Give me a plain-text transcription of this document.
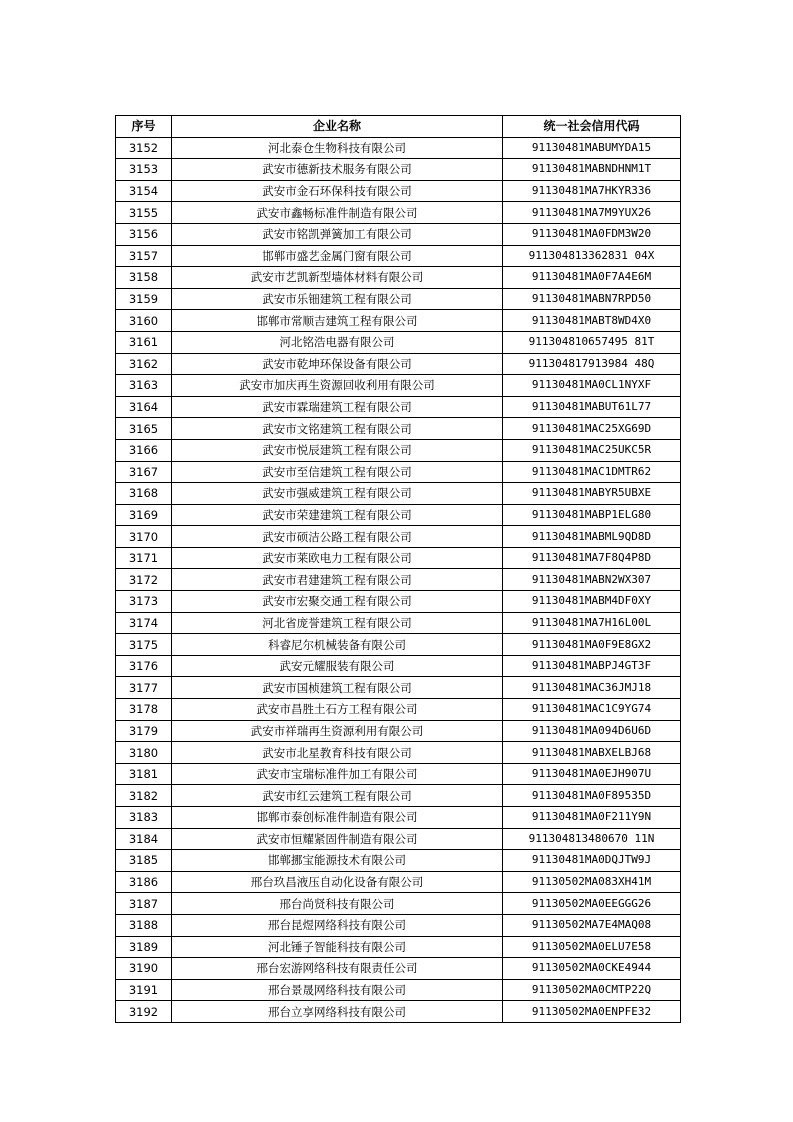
序号	企业名称	统一社会信用代码
3152	河北泰仓生物科技有限公司	91130481MABUMYDA15
3153	武安市德新技术服务有限公司	91130481MABNDHNM1T
3154	武安市金石环保科技有限公司	91130481MA7HKYR336
3155	武安市鑫畅标准件制造有限公司	91130481MA7M9YUX26
3156	武安市铭凯弹簧加工有限公司	91130481MA0FDM3W20
3157	邯郸市盛艺金属门窗有限公司	911304813362831 04X
3158	武安市艺凯新型墙体材料有限公司	91130481MA0F7A4E6M
3159	武安市乐钿建筑工程有限公司	91130481MABN7RPD50
3160	邯郸市常顺吉建筑工程有限公司	91130481MABT8WD4X0
3161	河北铭浩电器有限公司	911304810657495 81T
3162	武安市乾坤环保设备有限公司	911304817913984 48Q
3163	武安市加庆再生资源回收利用有限公司	91130481MA0CL1NYXF
3164	武安市霖瑞建筑工程有限公司	91130481MABUT61L77
3165	武安市文铭建筑工程有限公司	91130481MAC25XG69D
3166	武安市悦辰建筑工程有限公司	91130481MAC25UKC5R
3167	武安市至信建筑工程有限公司	91130481MAC1DMTR62
3168	武安市强威建筑工程有限公司	91130481MABYR5UBXE
3169	武安市荣建建筑工程有限公司	91130481MABP1ELG80
3170	武安市硕洁公路工程有限公司	91130481MABML9QD8D
3171	武安市莱欧电力工程有限公司	91130481MA7F8Q4P8D
3172	武安市君建建筑工程有限公司	91130481MABN2WX307
3173	武安市宏聚交通工程有限公司	91130481MABM4DF0XY
3174	河北省庞誉建筑工程有限公司	91130481MA7H16L00L
3175	科睿尼尔机械装备有限公司	91130481MA0F9E8GX2
3176	武安元耀服装有限公司	91130481MABPJ4GT3F
3177	武安市国桢建筑工程有限公司	91130481MAC36JMJ18
3178	武安市昌胜土石方工程有限公司	91130481MAC1C9YG74
3179	武安市祥瑞再生资源利用有限公司	91130481MA094D6U6D
3180	武安市北星教育科技有限公司	91130481MABXELBJ68
3181	武安市宝瑞标准件加工有限公司	91130481MA0EJH907U
3182	武安市红云建筑工程有限公司	91130481MA0F89535D
3183	邯郸市泰创标准件制造有限公司	91130481MA0F211Y9N
3184	武安市恒耀紧固件制造有限公司	911304813480670 11N
3185	邯郸挪宝能源技术有限公司	91130481MA0DQJTW9J
3186	邢台玖昌液压自动化设备有限公司	91130502MA083XH41M
3187	邢台尚贤科技有限公司	91130502MA0EEGGG26
3188	邢台昆煜网络科技有限公司	91130502MA7E4MAQ08
3189	河北锤子智能科技有限公司	91130502MA0ELU7E58
3190	邢台宏游网络科技有限责任公司	91130502MA0CKE4944
3191	邢台景晟网络科技有限公司	91130502MA0CMTP22Q
3192	邢台立享网络科技有限公司	91130502MA0ENPFE32
